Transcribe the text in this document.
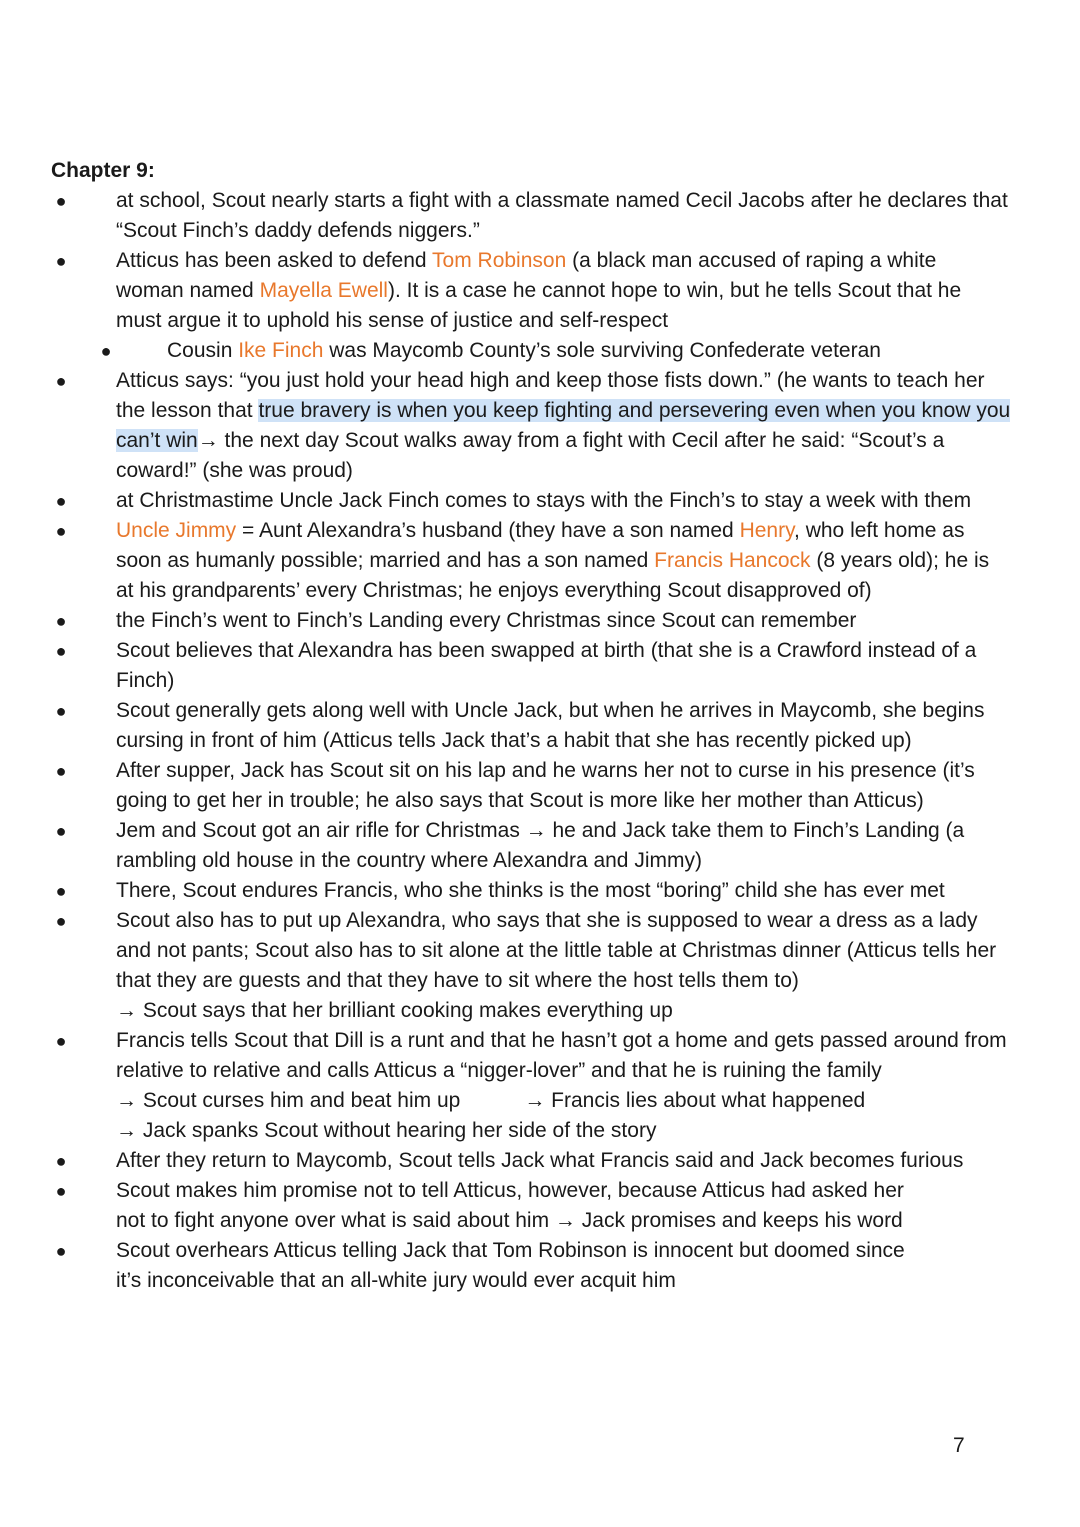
Chapter 9:
● at school, Scout nearly starts a fight with a classmate named Cecil Jacobs after he declares that
“Scout Finch’s daddy defends niggers.”
● Atticus has been asked to defend Tom Robinson (a black man accused of raping a white
woman named Mayella Ewell). It is a case he cannot hope to win, but he tells Scout that he
must argue it to uphold his sense of justice and self-respect
●	Cousin Ike Finch was Maycomb County’s sole surviving Confederate veteran
● Atticus says: “you just hold your head high and keep those fists down.” (he wants to teach her
the lesson that true bravery is when you keep fighting and persevering even when you know you
can’t win→ the next day Scout walks away from a fight with Cecil after he said: “Scout’s a
coward!” (she was proud)
● at Christmastime Uncle Jack Finch comes to stays with the Finch’s to stay a week with them
● Uncle Jimmy = Aunt Alexandra’s husband (they have a son named Henry, who left home as
soon as humanly possible; married and has a son named Francis Hancock (8 years old); he is
at his grandparents’ every Christmas; he enjoys everything Scout disapproved of)
● the Finch’s went to Finch’s Landing every Christmas since Scout can remember
● Scout believes that Alexandra has been swapped at birth (that she is a Crawford instead of a
Finch)
● Scout generally gets along well with Uncle Jack, but when he arrives in Maycomb, she begins
cursing in front of him (Atticus tells Jack that’s a habit that she has recently picked up)
● After supper, Jack has Scout sit on his lap and he warns her not to curse in his presence (it’s
going to get her in trouble; he also says that Scout is more like her mother than Atticus)
● Jem and Scout got an air rifle for Christmas → he and Jack take them to Finch’s Landing (a
rambling old house in the country where Alexandra and Jimmy)
● There, Scout endures Francis, who she thinks is the most “boring” child she has ever met
● Scout also has to put up Alexandra, who says that she is supposed to wear a dress as a lady
and not pants; Scout also has to sit alone at the little table at Christmas dinner (Atticus tells her
that they are guests and that they have to sit where the host tells them to)
→ Scout says that her brilliant cooking makes everything up
● Francis tells Scout that Dill is a runt and that he hasn’t got a home and gets passed around from
relative to relative and calls Atticus a “nigger-lover” and that he is ruining the family
→ Scout curses him and beat him up	→ Francis lies about what happened
→ Jack spanks Scout without hearing her side of the story
● After they return to Maycomb, Scout tells Jack what Francis said and Jack becomes furious
● Scout makes him promise not to tell Atticus, however, because Atticus had asked her
not to fight anyone over what is said about him → Jack promises and keeps his word
● Scout overhears Atticus telling Jack that Tom Robinson is innocent but doomed since
it’s inconceivable that an all-white jury would ever acquit him
7
